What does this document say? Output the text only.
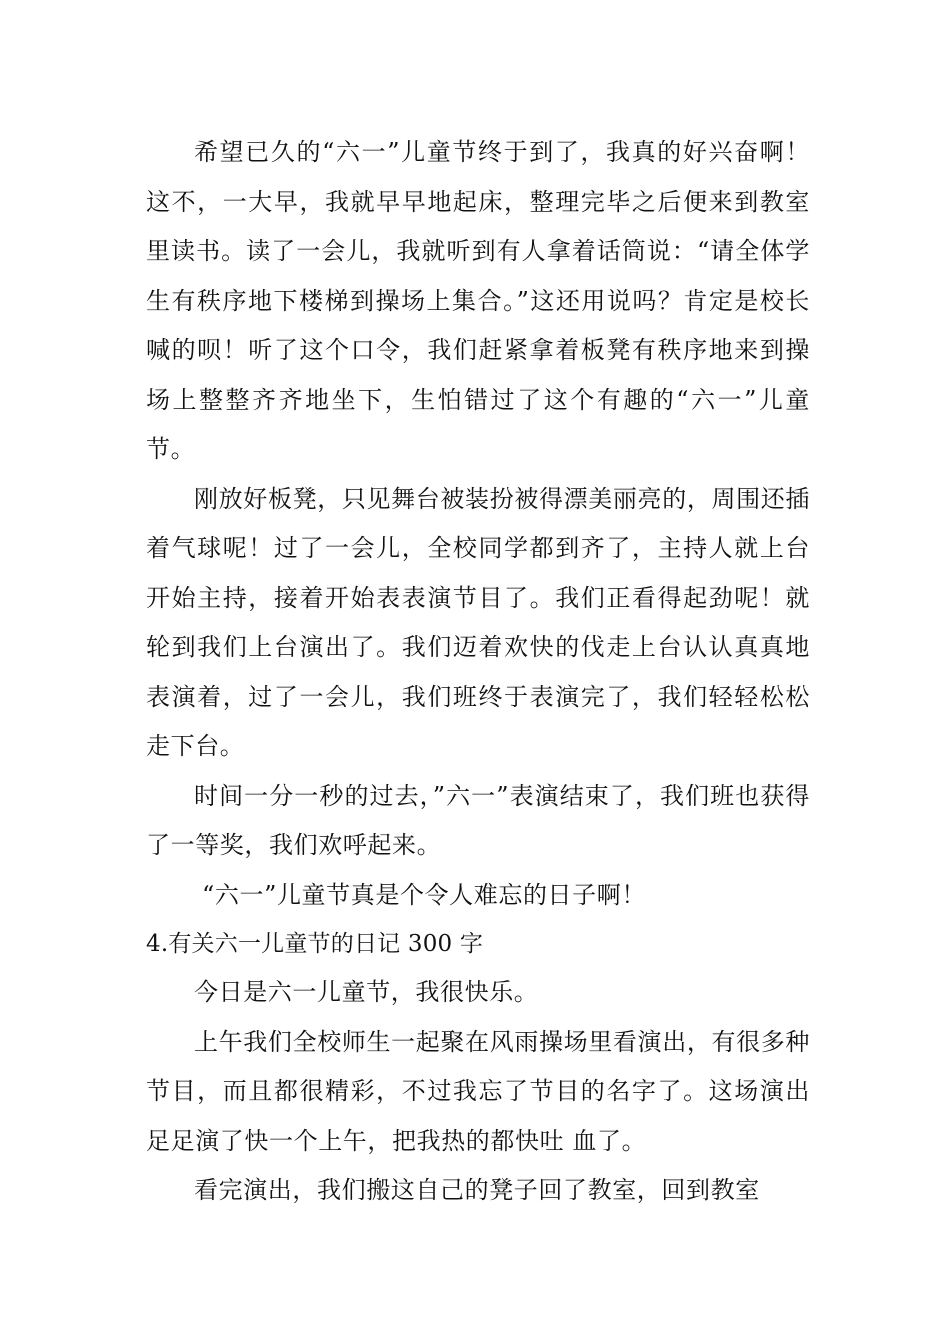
希望已久的“六一”儿童节终于到了，我真的好兴奋啊！这不，一大早，我就早早地起床，整理完毕之后便来到教室里读书。读了一会儿，我就听到有人拿着话筒说：“请全体学生有秩序地下楼梯到操场上集合。”这还用说吗？肯定是校长喊的呗！听了这个口令，我们赶紧拿着板凳有秩序地来到操场上整整齐齐地坐下，生怕错过了这个有趣的“六一”儿童节。

刚放好板凳，只见舞台被装扮被得漂美丽亮的，周围还插着气球呢！过了一会儿，全校同学都到齐了，主持人就上台开始主持，接着开始表表演节目了。我们正看得起劲呢！就轮到我们上台演出了。我们迈着欢快的伐走上台认认真真地表演着，过了一会儿，我们班终于表演完了，我们轻轻松松走下台。

时间一分一秒的过去，”六一”表演结束了，我们班也获得了一等奖，我们欢呼起来。

“六一”儿童节真是个令人难忘的日子啊！

4.有关六一儿童节的日记 300 字

今日是六一儿童节，我很快乐。

上午我们全校师生一起聚在风雨操场里看演出，有很多种节目，而且都很精彩，不过我忘了节目的名字了。这场演出足足演了快一个上午，把我热的都快吐 血了。

看完演出，我们搬这自己的凳子回了教室，回到教室
